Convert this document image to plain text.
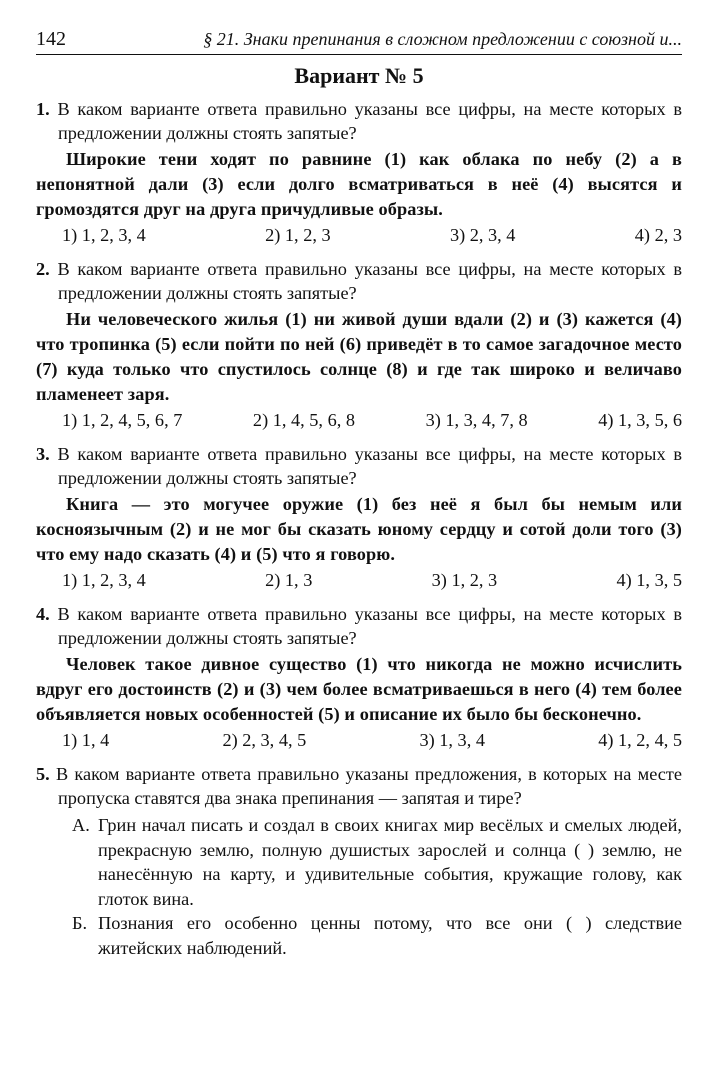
142	§ 21. Знаки препинания в сложном предложении с союзной и...
Вариант № 5
1. В каком варианте ответа правильно указаны все цифры, на месте которых в предложении должны стоять запятые?
Широкие тени ходят по равнине (1) как облака по небу (2) а в непонятной дали (3) если долго всматриваться в неё (4) высятся и громоздятся друг на друга причудливые образы.
1) 1, 2, 3, 4	2) 1, 2, 3	3) 2, 3, 4	4) 2, 3
2. В каком варианте ответа правильно указаны все цифры, на месте которых в предложении должны стоять запятые?
Ни человеческого жилья (1) ни живой души вдали (2) и (3) кажется (4) что тропинка (5) если пойти по ней (6) приведёт в то самое загадочное место (7) куда только что спустилось солнце (8) и где так широко и величаво пламенеет заря.
1) 1, 2, 4, 5, 6, 7	2) 1, 4, 5, 6, 8	3) 1, 3, 4, 7, 8	4) 1, 3, 5, 6
3. В каком варианте ответа правильно указаны все цифры, на месте которых в предложении должны стоять запятые?
Книга — это могучее оружие (1) без неё я был бы немым или косноязычным (2) и не мог бы сказать юному сердцу и сотой доли того (3) что ему надо сказать (4) и (5) что я говорю.
1) 1, 2, 3, 4	2) 1, 3	3) 1, 2, 3	4) 1, 3, 5
4. В каком варианте ответа правильно указаны все цифры, на месте которых в предложении должны стоять запятые?
Человек такое дивное существо (1) что никогда не можно исчислить вдруг его достоинств (2) и (3) чем более всматриваешься в него (4) тем более объявляется новых особенностей (5) и описание их было бы бесконечно.
1) 1, 4	2) 2, 3, 4, 5	3) 1, 3, 4	4) 1, 2, 4, 5
5. В каком варианте ответа правильно указаны предложения, в которых на месте пропуска ставятся два знака препинания — запятая и тире?
А. Грин начал писать и создал в своих книгах мир весёлых и смелых людей, прекрасную землю, полную душистых зарослей и солнца ( ) землю, не нанесённую на карту, и удивительные события, кружащие голову, как глоток вина.
Б. Познания его особенно ценны потому, что все они ( ) следствие житейских наблюдений.
